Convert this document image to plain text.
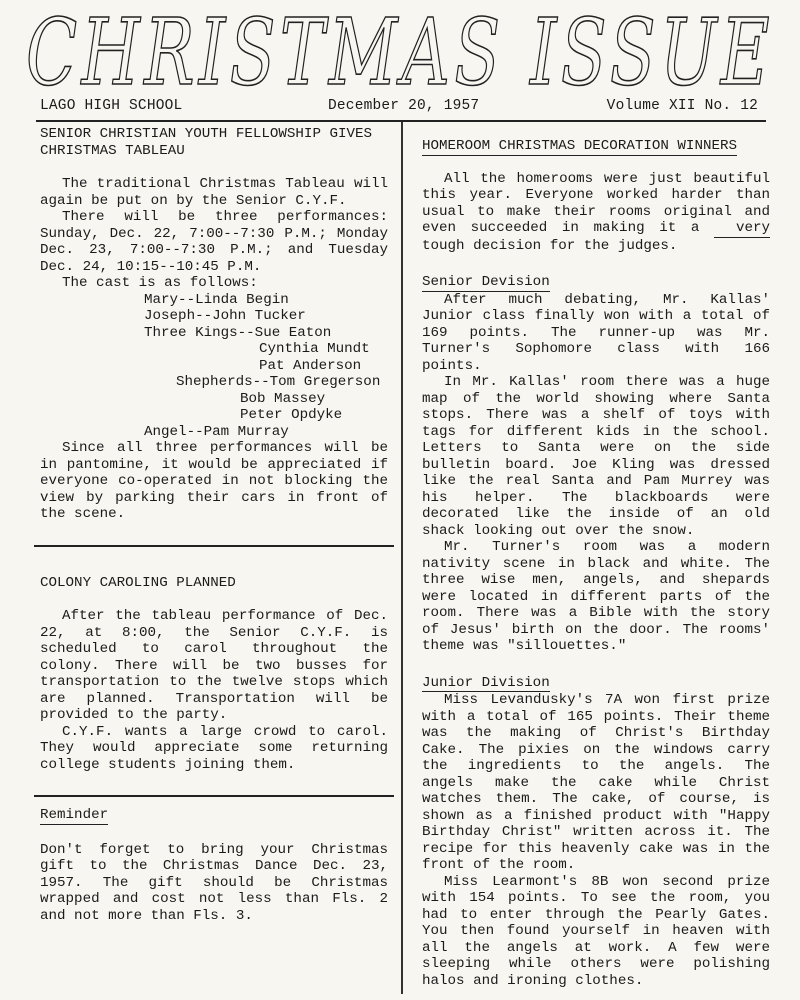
CHRISTMAS ISSUE
LAGO HIGH SCHOOL	December 20, 1957	Volume XII No. 12
SENIOR CHRISTIAN YOUTH FELLOWSHIP GIVES
CHRISTMAS TABLEAU

The traditional Christmas Tableau will again be put on by the Senior C.Y.F.

There will be three performances: Sunday, Dec. 22, 7:00--7:30 P.M.; Monday Dec. 23, 7:00--7:30 P.M.; and Tuesday Dec. 24, 10:15--10:45 P.M.

The cast is as follows:

Mary--Linda Begin
Joseph--John Tucker
Three Kings--Sue Eaton
Cynthia Mundt
Pat Anderson
Shepherds--Tom Gregerson
Bob Massey
Peter Opdyke
Angel--Pam Murray

Since all three performances will be in pantomine, it would be appreciated if everyone co-operated in not blocking the view by parking their cars in front of the scene.

COLONY CAROLING PLANNED

After the tableau performance of Dec. 22, at 8:00, the Senior C.Y.F. is scheduled to carol throughout the colony. There will be two busses for transportation to the twelve stops which are planned. Transportation will be provided to the party.

C.Y.F. wants a large crowd to carol. They would appreciate some returning college students joining them.

Reminder

Don't forget to bring your Christmas gift to the Christmas Dance Dec. 23, 1957. The gift should be Christmas wrapped and cost not less than Fls. 2 and not more than Fls. 3.

HOMEROOM CHRISTMAS DECORATION WINNERS

All the homerooms were just beautiful this year. Everyone worked harder than usual to make their rooms original and even succeeded in making it a very tough decision for the judges.

Senior Devision

After much debating, Mr. Kallas' Junior class finally won with a total of 169 points. The runner-up was Mr. Turner's Sophomore class with 166 points.

In Mr. Kallas' room there was a huge map of the world showing where Santa stops. There was a shelf of toys with tags for different kids in the school. Letters to Santa were on the side bulletin board. Joe Kling was dressed like the real Santa and Pam Murrey was his helper. The blackboards were decorated like the inside of an old shack looking out over the snow.

Mr. Turner's room was a modern nativity scene in black and white. The three wise men, angels, and shepards were located in different parts of the room. There was a Bible with the story of Jesus' birth on the door. The rooms' theme was "sillouettes."

Junior Division

Miss Levandusky's 7A won first prize with a total of 165 points. Their theme was the making of Christ's Birthday Cake. The pixies on the windows carry the ingredients to the angels. The angels make the cake while Christ watches them. The cake, of course, is shown as a finished product with "Happy Birthday Christ" written across it. The recipe for this heavenly cake was in the front of the room.

Miss Learmont's 8B won second prize with 154 points. To see the room, you had to enter through the Pearly Gates. You then found yourself in heaven with all the angels at work. A few were sleeping while others were polishing halos and ironing clothes.
